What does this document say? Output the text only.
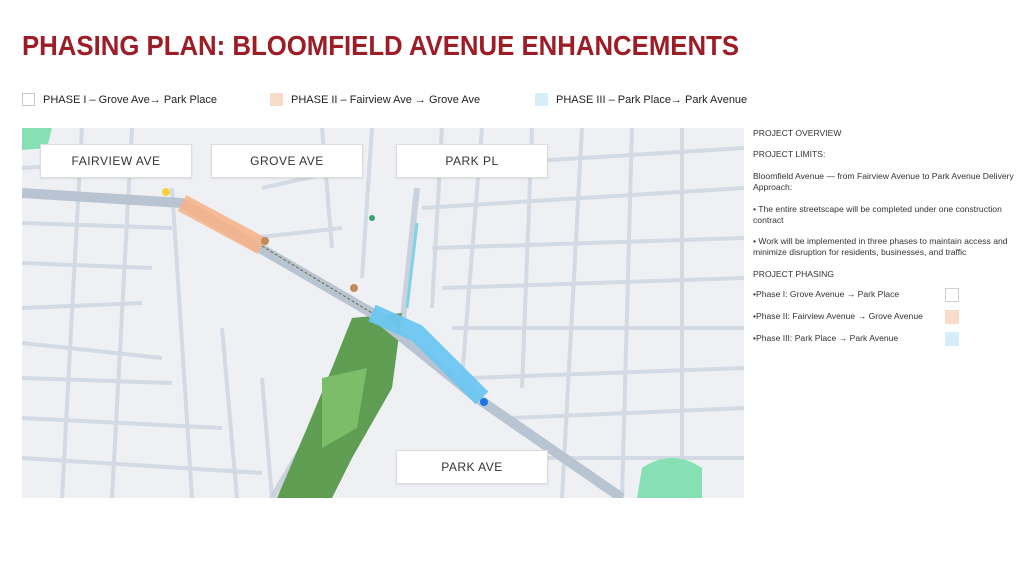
PHASING PLAN: BLOOMFIELD AVENUE ENHANCEMENTS
PHASE I – Grove Ave→ Park Place	PHASE II – Fairview Ave → Grove Ave	PHASE III – Park Place→ Park Avenue
FAIRVIEW AVE	GROVE AVE	PARK PL
PARK AVE

PROJECT OVERVIEW

PROJECT LIMITS:

Bloomfield Avenue — from Fairview Avenue to Park Avenue Delivery Approach:

• The entire streetscape will be completed under one construction contract

• Work will be implemented in three phases to maintain access and minimize disruption for residents, businesses, and traffic

PROJECT PHASING

•Phase I: Grove Avenue → Park Place
•Phase II: Fairview Avenue → Grove Avenue
•Phase III: Park Place → Park Avenue
